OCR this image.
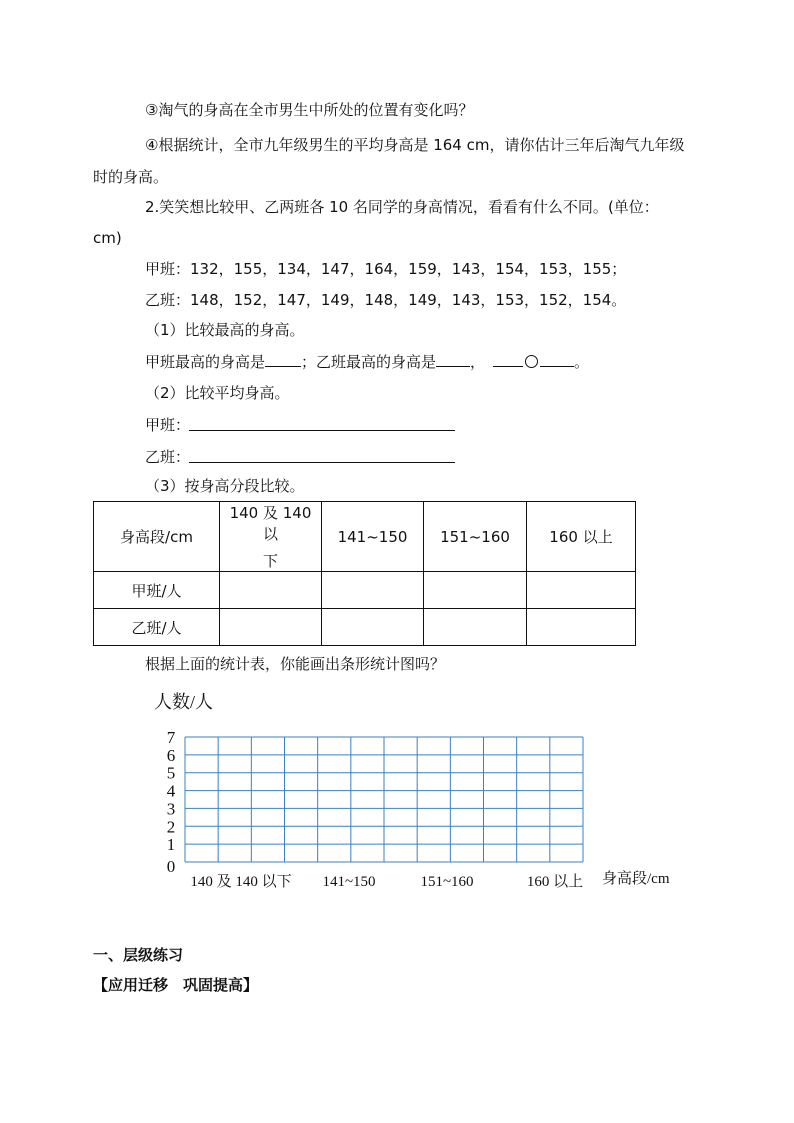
③淘气的身高在全市男生中所处的位置有变化吗？
④根据统计，全市九年级男生的平均身高是 164 cm，请你估计三年后淘气九年级
时的身高。
2.笑笑想比较甲、乙两班各 10 名同学的身高情况，看看有什么不同。(单位：
cm)
甲班：132，155，134，147，164，159，143，154，153，155；
乙班：148，152，147，149，148，149，143，153，152，154。
（1）比较最高的身高。
甲班最高的身高是 ；乙班最高的身高是 ，	。
（2）比较平均身高。
甲班：
乙班：
（3）按身高分段比较。
身高段/cm	140 及 140 以
下	141~150	151~160	160 以上
甲班/人				
乙班/人				
根据上面的统计表，你能画出条形统计图吗？
人数/人
0
1
2
3
4
5
6
7
140 及 140 以下 141~150	151~160	160 以上 身高段/cm
一、层级练习
【应用迁移　巩固提高】
